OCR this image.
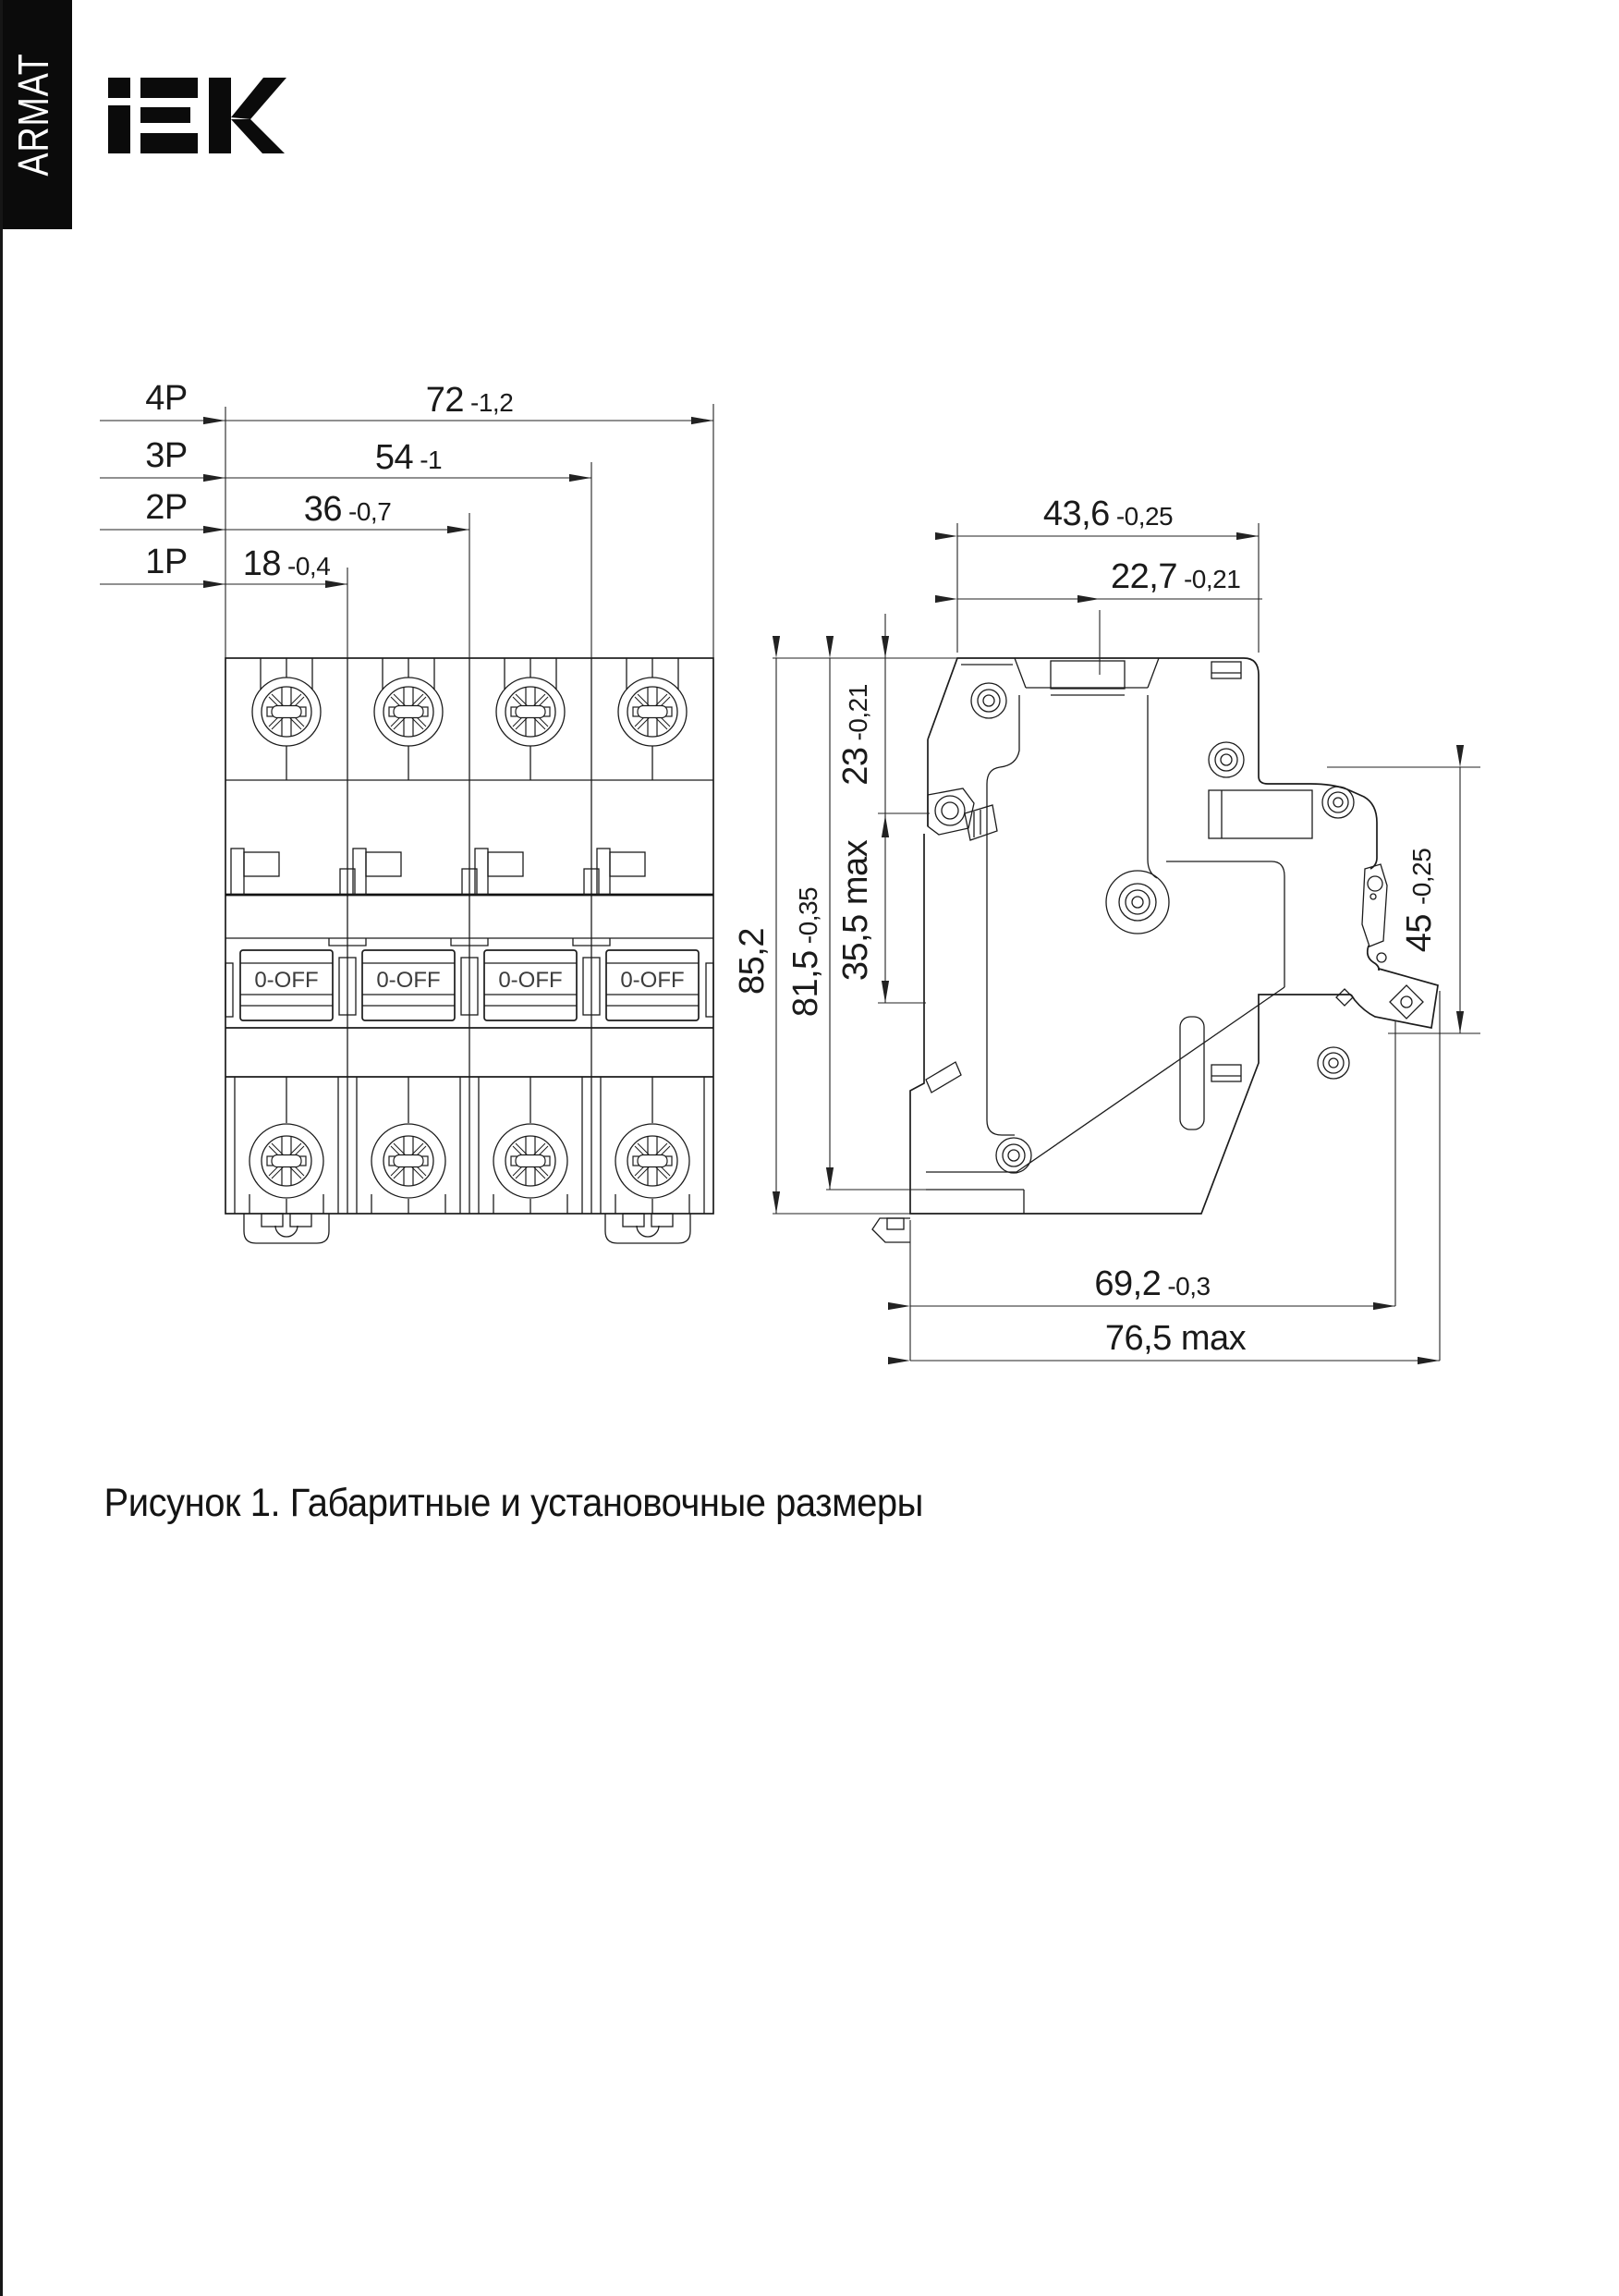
ARMAT
0-OFF	0-OFF	0-OFF	0-OFF
4P	72 -1,2
3P	54 -1
2P	36 -0,7
1P 18 -0,4
43,6 -0,25
22,7 -0,21
23-0,21
35,5 max
85,2 81,5-0,35	45-0,25
69,2 -0,3
76,5 max
Рисунок 1. Габаритные и установочные размеры
